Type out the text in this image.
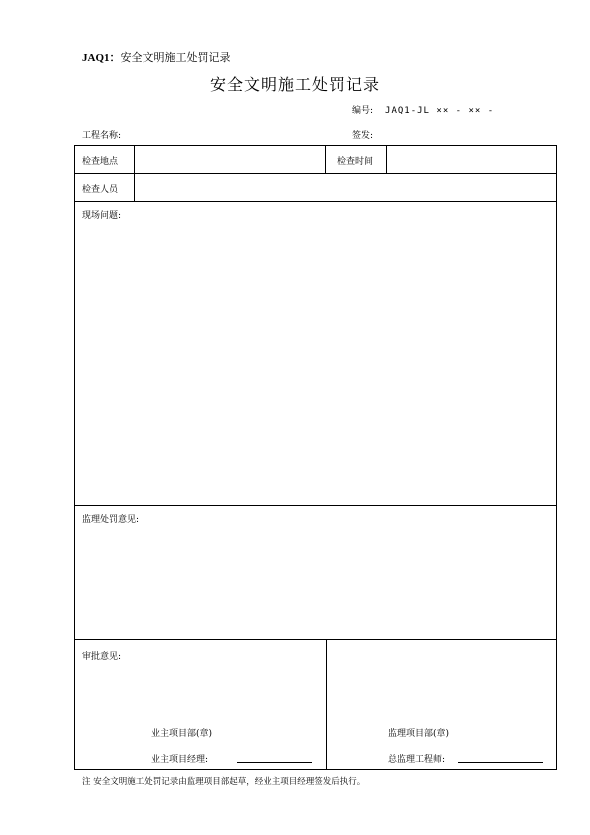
JAQ1：安全文明施工处罚记录
安全文明施工处罚记录
编号: JAQ1-JL ×× - ×× -
工程名称:	签发:
检查地点	检查时间
检查人员
现场问题:
监理处罚意见:
审批意见:
业主项目部(章)
业主项目经理:
监理项目部(章)
总监理工程师:
注 安全文明施工处罚记录由监理项目部起草，经业主项目经理签发后执行。
